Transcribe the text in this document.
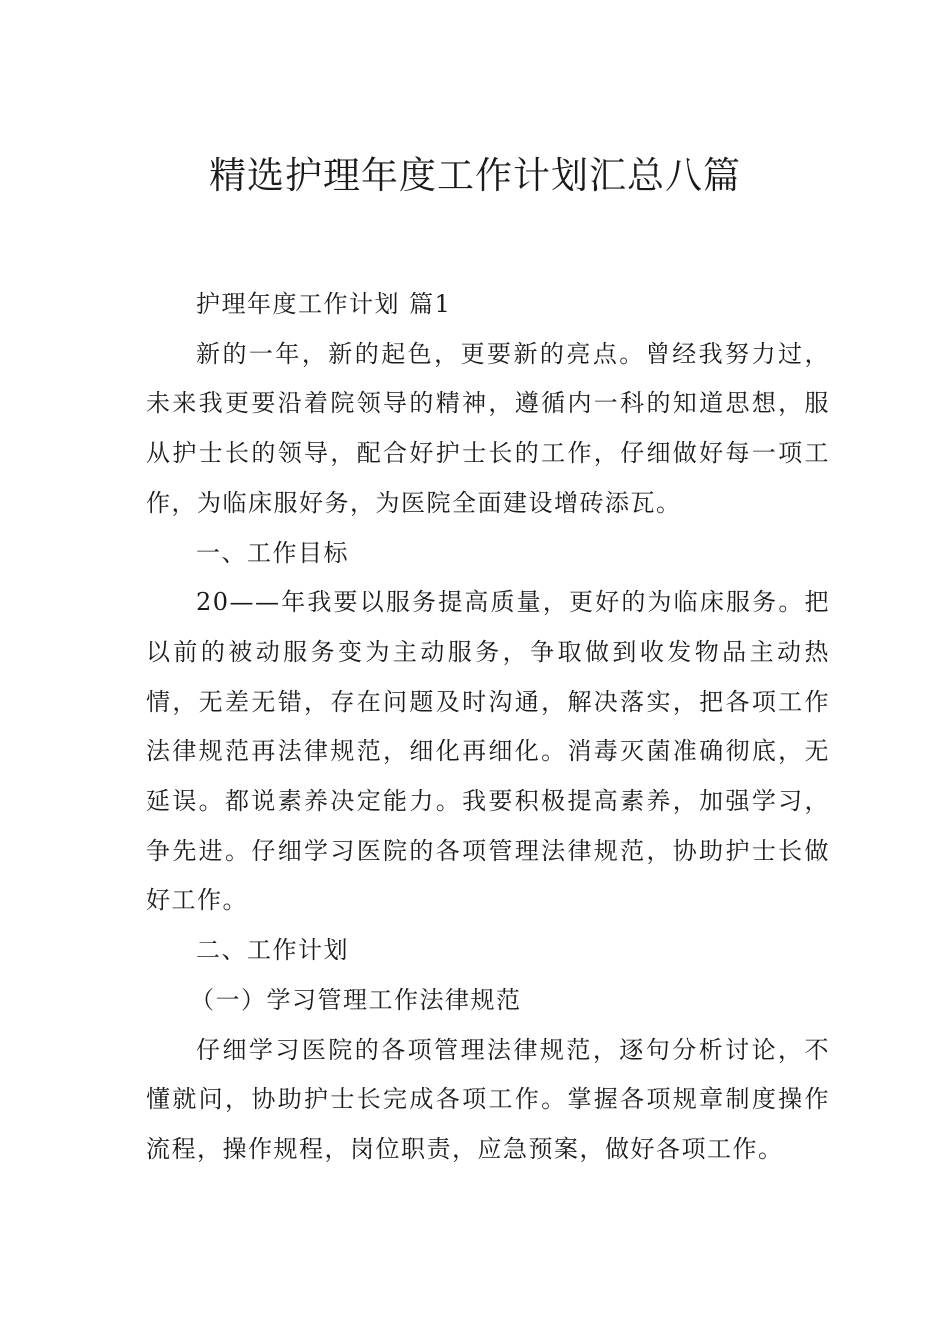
精选护理年度工作计划汇总八篇

护理年度工作计划 篇1

新的一年，新的起色，更要新的亮点。曾经我努力过，未来我更要沿着院领导的精神，遵循内一科的知道思想，服从护士长的领导，配合好护士长的工作，仔细做好每一项工作，为临床服好务，为医院全面建设增砖添瓦。

一、工作目标

20——年我要以服务提高质量，更好的为临床服务。把以前的被动服务变为主动服务，争取做到收发物品主动热情，无差无错，存在问题及时沟通，解决落实，把各项工作法律规范再法律规范，细化再细化。消毒灭菌准确彻底，无延误。都说素养决定能力。我要积极提高素养，加强学习，争先进。仔细学习医院的各项管理法律规范，协助护士长做好工作。

二、工作计划

（一）学习管理工作法律规范

仔细学习医院的各项管理法律规范，逐句分析讨论，不懂就问，协助护士长完成各项工作。掌握各项规章制度操作流程，操作规程，岗位职责，应急预案，做好各项工作。
